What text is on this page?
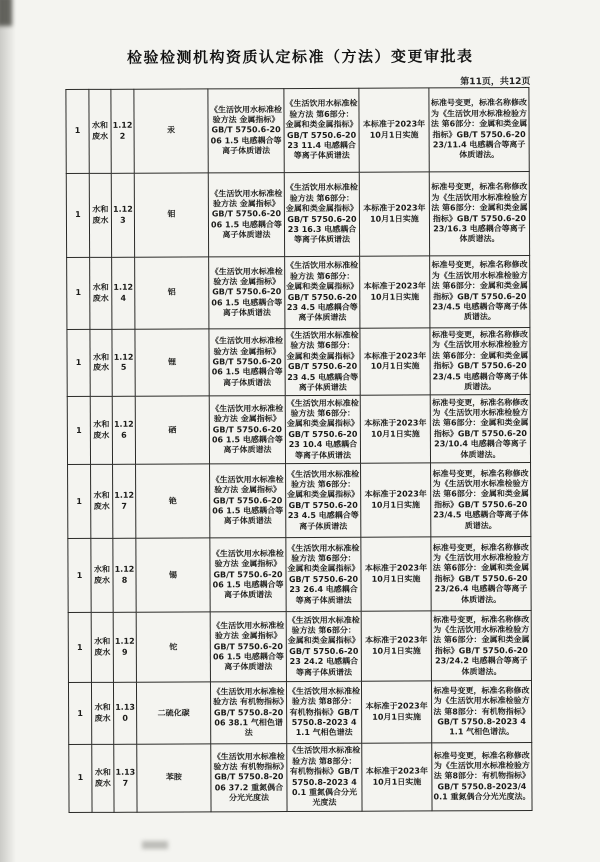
检验检测机构资质认定标准（方法）变更审批表
第11页，共12页
1	水和废水	1.122	汞	《生活饮用水标准检验方法 金属指标》GB/T 5750.6-2006 1.5 电感耦合等离子体质谱法	《生活饮用水标准检验方法 第6部分：金属和类金属指标》GB/T 5750.6-2023 11.4 电感耦合等离子体质谱法	本标准于2023年10月1日实施	标准号变更，标准名称修改为《生活饮用水标准检验方法 第6部分：金属和类金属指标》GB/T 5750.6-2023/11.4 电感耦合等离子体质谱法。
1	水和废水	1.123	钼	《生活饮用水标准检验方法 金属指标》GB/T 5750.6-2006 1.5 电感耦合等离子体质谱法	《生活饮用水标准检验方法 第6部分：金属和类金属指标》GB/T 5750.6-2023 16.3 电感耦合等离子体质谱法	本标准于2023年10月1日实施	标准号变更，标准名称修改为《生活饮用水标准检验方法 第6部分：金属和类金属指标》GB/T 5750.6-2023/16.3 电感耦合等离子体质谱法。
1	水和废水	1.124	铝	《生活饮用水标准检验方法 金属指标》GB/T 5750.6-2006 1.5 电感耦合等离子体质谱法	《生活饮用水标准检验方法 第6部分：金属和类金属指标》GB/T 5750.6-2023 4.5 电感耦合等离子体质谱法	本标准于2023年10月1日实施	标准号变更，标准名称修改为《生活饮用水标准检验方法 第6部分：金属和类金属指标》GB/T 5750.6-2023/4.5 电感耦合等离子体质谱法。
1	水和废水	1.125	锂	《生活饮用水标准检验方法 金属指标》GB/T 5750.6-2006 1.5 电感耦合等离子体质谱法	《生活饮用水标准检验方法 第6部分：金属和类金属指标》GB/T 5750.6-2023 4.5 电感耦合等离子体质谱法	本标准于2023年10月1日实施	标准号变更，标准名称修改为《生活饮用水标准检验方法 第6部分：金属和类金属指标》GB/T 5750.6-2023/4.5 电感耦合等离子体质谱法。
1	水和废水	1.126	硒	《生活饮用水标准检验方法 金属指标》GB/T 5750.6-2006 1.5 电感耦合等离子体质谱法	《生活饮用水标准检验方法 第6部分：金属和类金属指标》GB/T 5750.6-2023 10.4 电感耦合等离子体质谱法	本标准于2023年10月1日实施	标准号变更，标准名称修改为《生活饮用水标准检验方法 第6部分：金属和类金属指标》GB/T 5750.6-2023/10.4 电感耦合等离子体质谱法。
1	水和废水	1.127	铯	《生活饮用水标准检验方法 金属指标》GB/T 5750.6-2006 1.5 电感耦合等离子体质谱法	《生活饮用水标准检验方法 第6部分：金属和类金属指标》GB/T 5750.6-2023 4.5 电感耦合等离子体质谱法	本标准于2023年10月1日实施	标准号变更，标准名称修改为《生活饮用水标准检验方法 第6部分：金属和类金属指标》GB/T 5750.6-2023/4.5 电感耦合等离子体质谱法。
1	水和废水	1.128	锡	《生活饮用水标准检验方法 金属指标》GB/T 5750.6-2006 1.5 电感耦合等离子体质谱法	《生活饮用水标准检验方法 第6部分：金属和类金属指标》GB/T 5750.6-2023 26.4 电感耦合等离子体质谱法	本标准于2023年10月1日实施	标准号变更，标准名称修改为《生活饮用水标准检验方法 第6部分：金属和类金属指标》GB/T 5750.6-2023/26.4 电感耦合等离子体质谱法。
1	水和废水	1.129	铊	《生活饮用水标准检验方法 金属指标》GB/T 5750.6-2006 1.5 电感耦合等离子体质谱法	《生活饮用水标准检验方法 第6部分：金属和类金属指标》GB/T 5750.6-2023 24.2 电感耦合等离子体质谱法	本标准于2023年10月1日实施	标准号变更，标准名称修改为《生活饮用水标准检验方法 第6部分：金属和类金属指标》GB/T 5750.6-2023/24.2 电感耦合等离子体质谱法。
1	水和废水	1.130	二硫化碳	《生活饮用水标准检验方法 有机物指标》GB/T 5750.8-2006 38.1 气相色谱法	《生活饮用水标准检验方法 第8部分：有机物指标》GB/T 5750.8-2023 41.1 气相色谱法	本标准于2023年10月1日实施	标准号变更，标准名称修改为《生活饮用水标准检验方法 第8部分：有机物指标》GB/T 5750.8-2023 41.1 气相色谱法。
1	水和废水	1.137	苯胺	《生活饮用水标准检验方法 有机物指标》GB/T 5750.8-2006 37.2 重氮偶合分光光度法	《生活饮用水标准检验方法 第8部分：有机物指标》GB/T 5750.8-2023 40.1 重氮偶合分光光度法	本标准于2023年10月1日实施	标准号变更，标准名称修改为《生活饮用水标准检验方法 第8部分：有机物指标》GB/T 5750.8-2023/40.1 重氮偶合分光光度法。
